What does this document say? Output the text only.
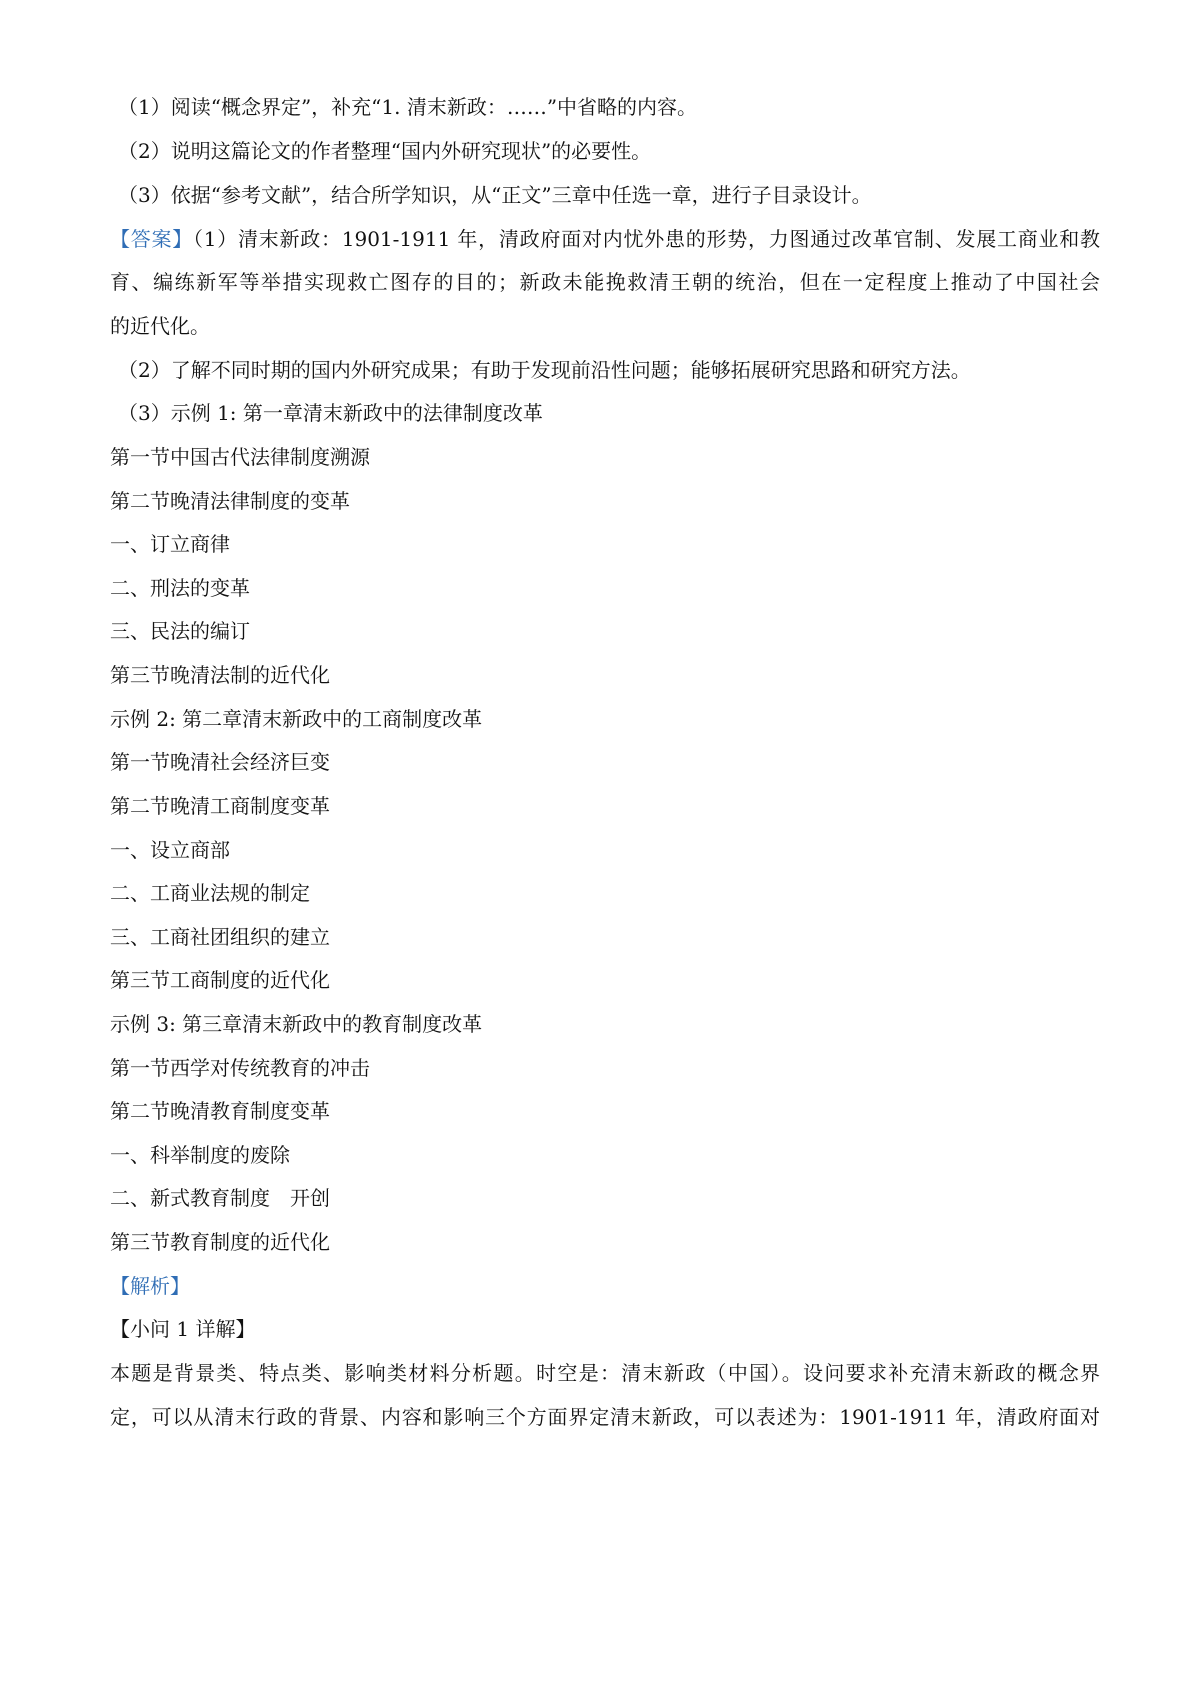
（1）阅读“概念界定”，补充“1. 清末新政：……”中省略的内容。
（2）说明这篇论文的作者整理“国内外研究现状”的必要性。
（3）依据“参考文献”，结合所学知识，从“正文”三章中任选一章，进行子目录设计。
【答案】（1）清末新政：1901-1911 年，清政府面对内忧外患的形势，力图通过改革官制、发展工商业和教
育、编练新军等举措实现救亡图存的目的；新政未能挽救清王朝的统治，但在一定程度上推动了中国社会
的近代化。
（2）了解不同时期的国内外研究成果；有助于发现前沿性问题；能够拓展研究思路和研究方法。
（3）示例 1: 第一章清末新政中的法律制度改革
第一节中国古代法律制度溯源
第二节晚清法律制度的变革
一、订立商律
二、刑法的变革
三、民法的编订
第三节晚清法制的近代化
示例 2: 第二章清末新政中的工商制度改革
第一节晚清社会经济巨变
第二节晚清工商制度变革
一、设立商部
二、工商业法规的制定
三、工商社团组织的建立
第三节工商制度的近代化
示例 3: 第三章清末新政中的教育制度改革
第一节西学对传统教育的冲击
第二节晚清教育制度变革
一、科举制度的废除
二、新式教育制度　开创
第三节教育制度的近代化
【解析】
【小问 1 详解】
本题是背景类、特点类、影响类材料分析题。时空是：清末新政（中国）。设问要求补充清末新政的概念界
定，可以从清末行政的背景、内容和影响三个方面界定清末新政，可以表述为：1901-1911 年，清政府面对
